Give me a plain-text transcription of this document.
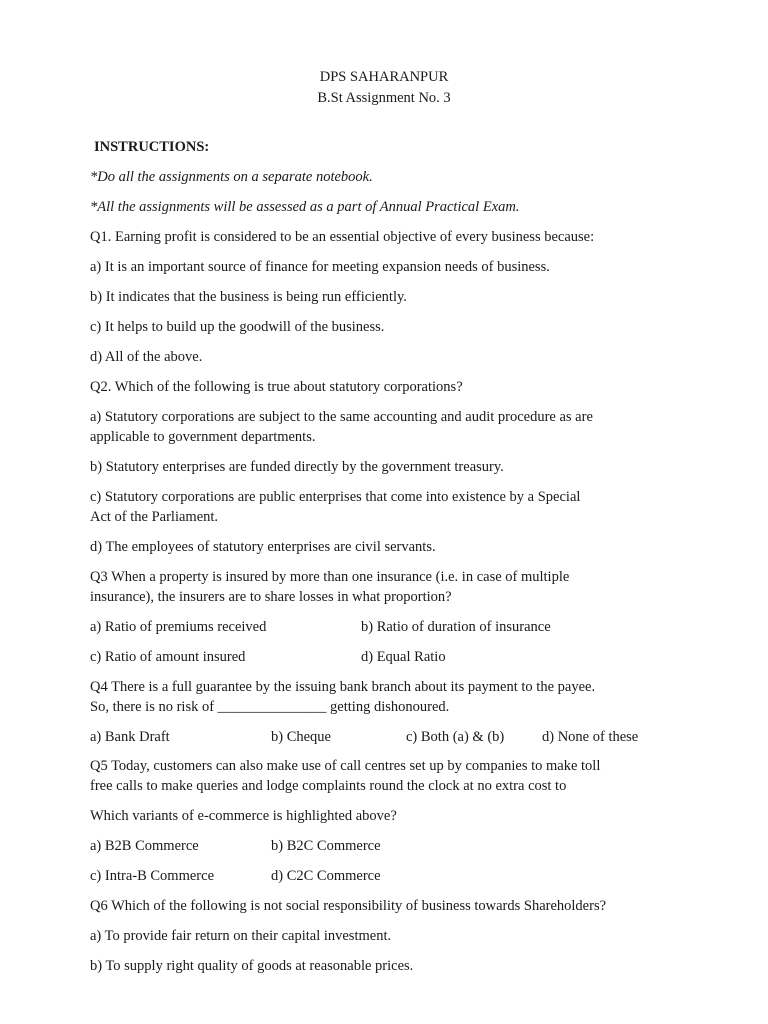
DPS SAHARANPUR
B.St Assignment No. 3
INSTRUCTIONS:
*Do all the assignments on a separate notebook.
*All the assignments will be assessed as a part of Annual Practical Exam.
Q1. Earning profit is considered to be an essential objective of every business because:
a) It is an important source of finance for meeting expansion needs of business.
b) It indicates that the business is being run efficiently.
c) It helps to build up the goodwill of the business.
d) All of the above.
Q2. Which of the following is true about statutory corporations?
a) Statutory corporations are subject to the same accounting and audit procedure as are
applicable to government departments.
b) Statutory enterprises are funded directly by the government treasury.
c) Statutory corporations are public enterprises that come into existence by a Special
Act of the Parliament.
d) The employees of statutory enterprises are civil servants.
Q3 When a property is insured by more than one insurance (i.e. in case of multiple
insurance), the insurers are to share losses in what proportion?
a) Ratio of premiums received	b) Ratio of duration of insurance
c) Ratio of amount insured	d) Equal Ratio
Q4 There is a full guarantee by the issuing bank branch about its payment to the payee.
So, there is no risk of _______________ getting dishonoured.
a) Bank Draft	b) Cheque	c) Both (a) & (b)	d) None of these
Q5 Today, customers can also make use of call centres set up by companies to make toll
free calls to make queries and lodge complaints round the clock at no extra cost to
Which variants of e-commerce is highlighted above?
a) B2B Commerce	b) B2C Commerce
c) Intra-B Commerce	d) C2C Commerce
Q6 Which of the following is not social responsibility of business towards Shareholders?
a) To provide fair return on their capital investment.
b) To supply right quality of goods at reasonable prices.
